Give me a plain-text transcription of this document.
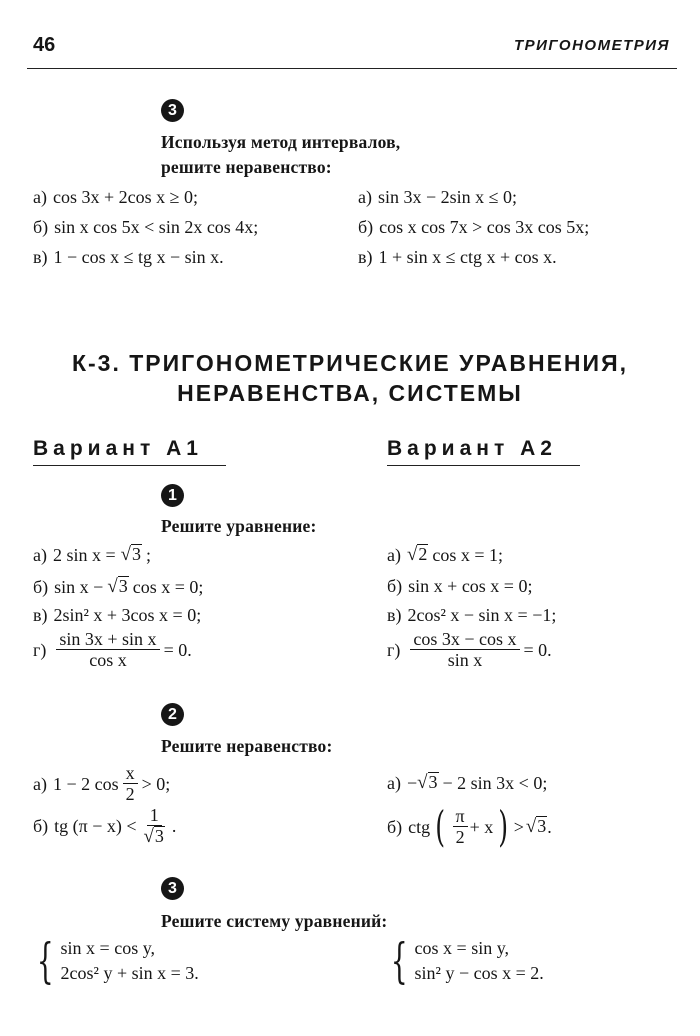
46	ТРИГОНОМЕТРИЯ
3
Используя метод интервалов,
решите неравенство:
а) cos 3x + 2cos x ≥ 0;
б) sin x cos 5x < sin 2x cos 4x;
в) 1 − cos x ≤ tg x − sin x.
а) sin 3x − 2sin x ≤ 0;
б) cos x cos 7x > cos 3x cos 5x;
в) 1 + sin x ≤ ctg x + cos x.
К-3. ТРИГОНОМЕТРИЧЕСКИЕ УРАВНЕНИЯ,
НЕРАВЕНСТВА, СИСТЕМЫ
Вариант А1	Вариант А2
1
Решите уравнение:
а) 2 sin x = √ 3 ;
б) sin x − √ 3 cos x = 0;
в) 2sin² x + 3cos x = 0;
$г) \frac{\text{sin 3x + sin x}}{\text{cos x}} = 0$.
а) √ 2 cos x = 1;
б) sin x + cos x = 0;
в) 2cos² x − sin x = −1;
$г) \frac{\text{cos 3x − cos x}}{\text{sin x}} = 0$.
2
Решите неравенство:
а) 1 − 2 $\cos \frac{x}{2} > 0$;
б) tg $(\pi - x) < \frac{1}{√ 3}$ .
а) − √ 3 − 2 sin 3x < 0;
б) ctg ( $\frac{\pi}{2} + x$ ) > √ 3 .
3
Решите систему уравнений:
{ sin x = cos y,
2cos² y + sin x = 3.	{ cos x = sin y,
sin² y − cos x = 2.
